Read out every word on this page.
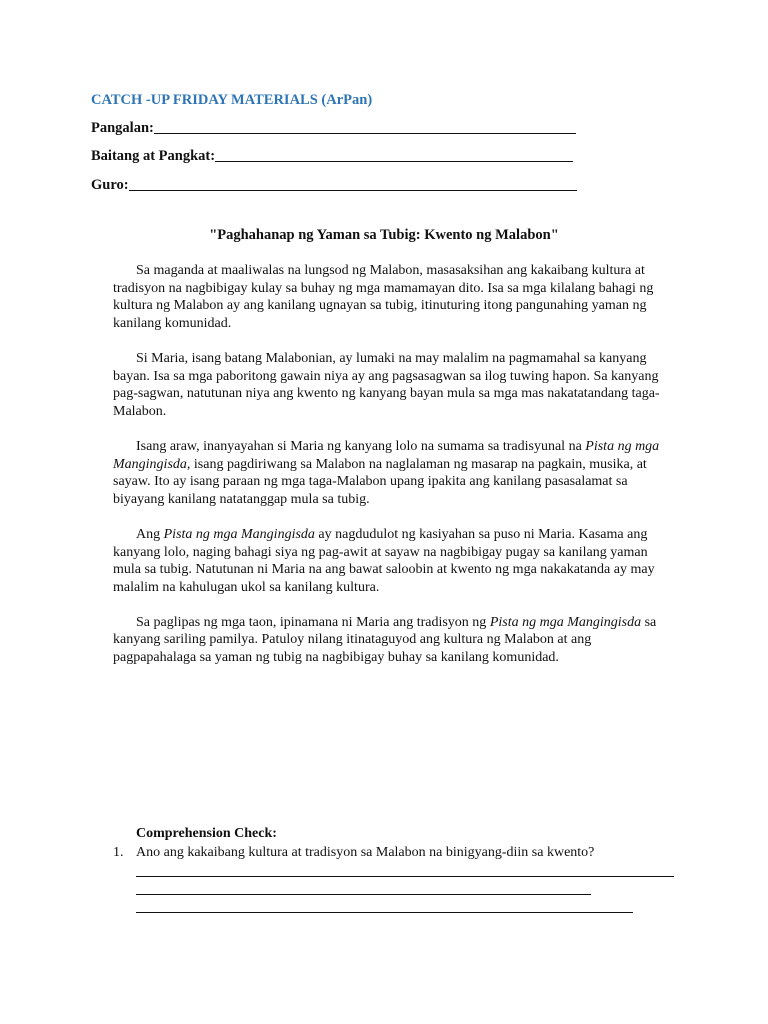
CATCH -UP FRIDAY MATERIALS (ArPan)
Pangalan:
Baitang at Pangkat:
Guro:
"Paghahanap ng Yaman sa Tubig: Kwento ng Malabon"

Sa maganda at maaliwalas na lungsod ng Malabon, masasaksihan ang kakaibang kultura at tradisyon na nagbibigay kulay sa buhay ng mga mamamayan dito. Isa sa mga kilalang bahagi ng kultura ng Malabon ay ang kanilang ugnayan sa tubig, itinuturing itong pangunahing yaman ng kanilang komunidad.

Si Maria, isang batang Malabonian, ay lumaki na may malalim na pagmamahal sa kanyang bayan. Isa sa mga paboritong gawain niya ay ang pagsasagwan sa ilog tuwing hapon. Sa kanyang pag-sagwan, natutunan niya ang kwento ng kanyang bayan mula sa mga mas nakatatandang taga-Malabon.

Isang araw, inanyayahan si Maria ng kanyang lolo na sumama sa tradisyunal na Pista ng mga Mangingisda, isang pagdiriwang sa Malabon na naglalaman ng masarap na pagkain, musika, at sayaw. Ito ay isang paraan ng mga taga-Malabon upang ipakita ang kanilang pasasalamat sa biyayang kanilang natatanggap mula sa tubig.

Ang Pista ng mga Mangingisda ay nagdudulot ng kasiyahan sa puso ni Maria. Kasama ang kanyang lolo, naging bahagi siya ng pag-awit at sayaw na nagbibigay pugay sa kanilang yaman mula sa tubig. Natutunan ni Maria na ang bawat saloobin at kwento ng mga nakakatanda ay may malalim na kahulugan ukol sa kanilang kultura.

Sa paglipas ng mga taon, ipinamana ni Maria ang tradisyon ng Pista ng mga Mangingisda sa kanyang sariling pamilya. Patuloy nilang itinataguyod ang kultura ng Malabon at ang pagpapahalaga sa yaman ng tubig na nagbibigay buhay sa kanilang komunidad.

Comprehension Check:
1. Ano ang kakaibang kultura at tradisyon sa Malabon na binigyang-diin sa kwento?
